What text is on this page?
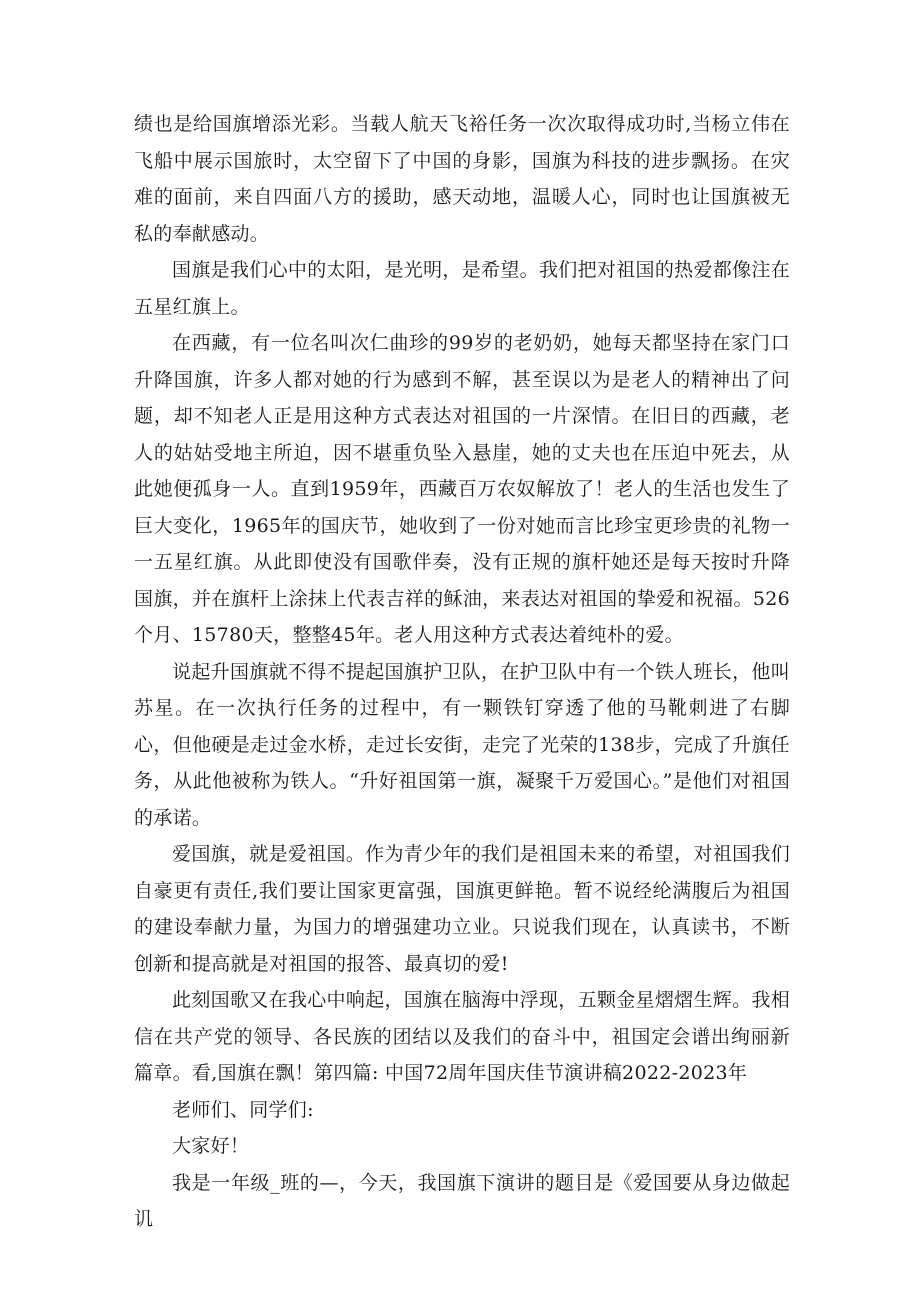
绩也是给国旗增添光彩。当载人航天飞裕任务一次次取得成功时,当杨立伟在飞船中展示国旅时，太空留下了中国的身影，国旗为科技的进步飘扬。在灾难的面前，来自四面八方的援助，感天动地，温暖人心，同时也让国旗被无私的奉献感动。

国旗是我们心中的太阳，是光明，是希望。我们把对祖国的热爱都像注在五星红旗上。

在西藏，有一位名叫次仁曲珍的99岁的老奶奶，她每天都坚持在家门口升降国旗，许多人都对她的行为感到不解，甚至误以为是老人的精神出了问题，却不知老人正是用这种方式表达对祖国的一片深情。在旧日的西藏，老人的姑姑受地主所迫，因不堪重负坠入悬崖，她的丈夫也在压迫中死去，从此她便孤身一人。直到1959年，西藏百万农奴解放了！老人的生活也发生了巨大变化，1965年的国庆节，她收到了一份对她而言比珍宝更珍贵的礼物一一五星红旗。从此即使没有国歌伴奏，没有正规的旗杆她还是每天按时升降国旗，并在旗杆上涂抹上代表吉祥的稣油，来表达对祖国的挚爱和祝福。526个月、15780天，整整45年。老人用这种方式表达着纯朴的爱。

说起升国旗就不得不提起国旗护卫队，在护卫队中有一个铁人班长，他叫苏星。在一次执行任务的过程中，有一颗铁钉穿透了他的马靴刺进了右脚心，但他硬是走过金水桥，走过长安街，走完了光荣的138步，完成了升旗任务，从此他被称为铁人。“升好祖国第一旗，凝聚千万爱国心。”是他们对祖国的承诺。

爱国旗，就是爱祖国。作为青少年的我们是祖国未来的希望，对祖国我们自豪更有责任,我们要让国家更富强，国旗更鲜艳。暂不说经纶满腹后为祖国的建设奉献力量，为国力的增强建功立业。只说我们现在，认真读书，不断创新和提高就是对祖国的报答、最真切的爱!

此刻国歌又在我心中响起，国旗在脑海中浮现，五颗金星熠熠生辉。我相信在共产党的领导、各民族的团结以及我们的奋斗中，祖国定会谱出绚丽新篇章。看,国旗在飘！第四篇: 中国72周年国庆佳节演讲稿2022-2023年

老师们、同学们:

大家好！

我是一年级_班的—，今天，我国旗下演讲的题目是《爱国要从身边做起讥
